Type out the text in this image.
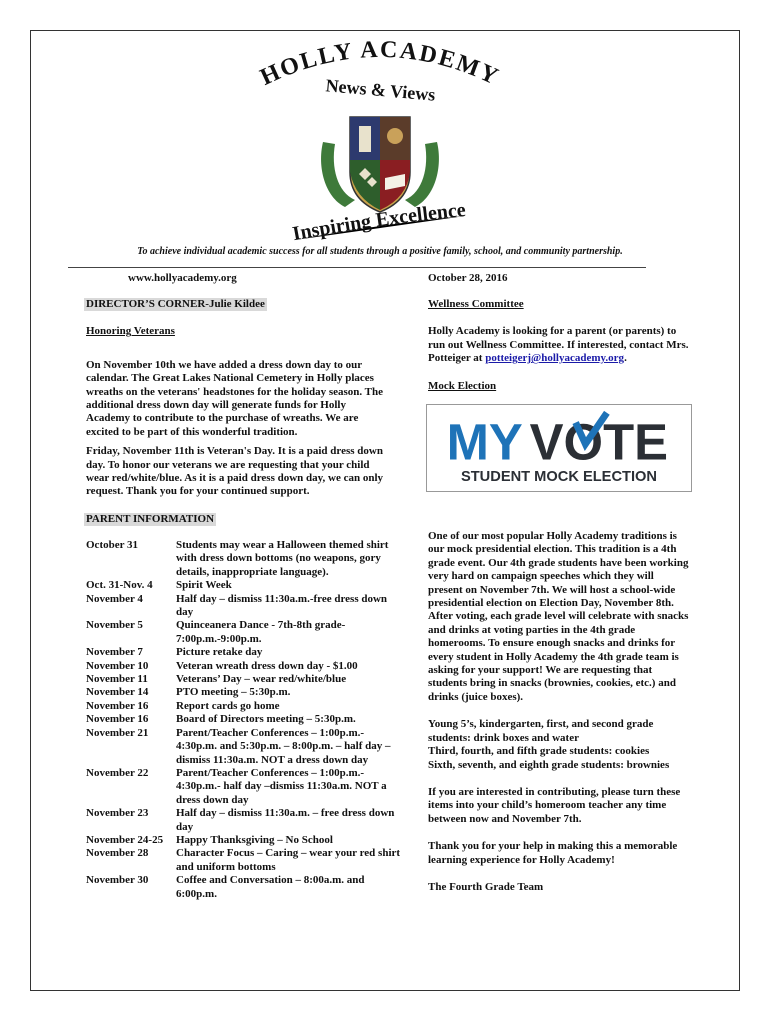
HOLLY ACADEMY
News & Views
Inspiring Excellence
To achieve individual academic success for all students through a positive family, school, and community partnership.
www.hollyacademy.org	October 28, 2016
DIRECTOR’S CORNER-Julie Kildee
Honoring Veterans

On November 10th we have added a dress down day to our calendar. The Great Lakes National Cemetery in Holly places wreaths on the veterans' headstones for the holiday season. The additional dress down day will generate funds for Holly Academy to contribute to the purchase of wreaths. We are excited to be part of this wonderful tradition.

Friday, November 11th is Veteran's Day. It is a paid dress down day. To honor our veterans we are requesting that your child wear red/white/blue. As it is a paid dress down day, we can only request. Thank you for your continued support.

PARENT INFORMATION
October 31	Students may wear a Halloween themed shirt with dress down bottoms (no weapons, gory details, inappropriate language).
Oct. 31-Nov. 4	Spirit Week
November 4	Half day – dismiss 11:30a.m.-free dress down day
November 5	Quinceanera Dance - 7th-8th grade- 7:00p.m.-9:00p.m.
November 7	Picture retake day
November 10	Veteran wreath dress down day - $1.00
November 11	Veterans’ Day – wear red/white/blue
November 14	PTO meeting – 5:30p.m.
November 16	Report cards go home
November 16	Board of Directors meeting – 5:30p.m.
November 21	Parent/Teacher Conferences – 1:00p.m.- 4:30p.m. and 5:30p.m. – 8:00p.m. – half day –dismiss 11:30a.m. NOT a dress down day
November 22	Parent/Teacher Conferences – 1:00p.m.- 4:30p.m.- half day –dismiss 11:30a.m. NOT a dress down day
November 23	Half day – dismiss 11:30a.m. – free dress down day
November 24-25	Happy Thanksgiving – No School
November 28	Character Focus – Caring – wear your red shirt and uniform bottoms
November 30	Coffee and Conversation – 8:00a.m. and 6:00p.m.
Wellness Committee

Holly Academy is looking for a parent (or parents) to run out Wellness Committee. If interested, contact Mrs. Potteiger at potteigerj@hollyacademy.org.

Mock Election
MY VOTE
STUDENT MOCK ELECTION

One of our most popular Holly Academy traditions is our mock presidential election. This tradition is a 4th grade event. Our 4th grade students have been working very hard on campaign speeches which they will present on November 7th. We will host a school-wide presidential election on Election Day, November 8th. After voting, each grade level will celebrate with snacks and drinks at voting parties in the 4th grade homerooms. To ensure enough snacks and drinks for every student in Holly Academy the 4th grade team is asking for your support! We are requesting that students bring in snacks (brownies, cookies, etc.) and drinks (juice boxes).

Young 5’s, kindergarten, first, and second grade students: drink boxes and water

Third, fourth, and fifth grade students: cookies

Sixth, seventh, and eighth grade students: brownies

If you are interested in contributing, please turn these items into your child’s homeroom teacher any time between now and November 7th.

Thank you for your help in making this a memorable learning experience for Holly Academy!

The Fourth Grade Team
